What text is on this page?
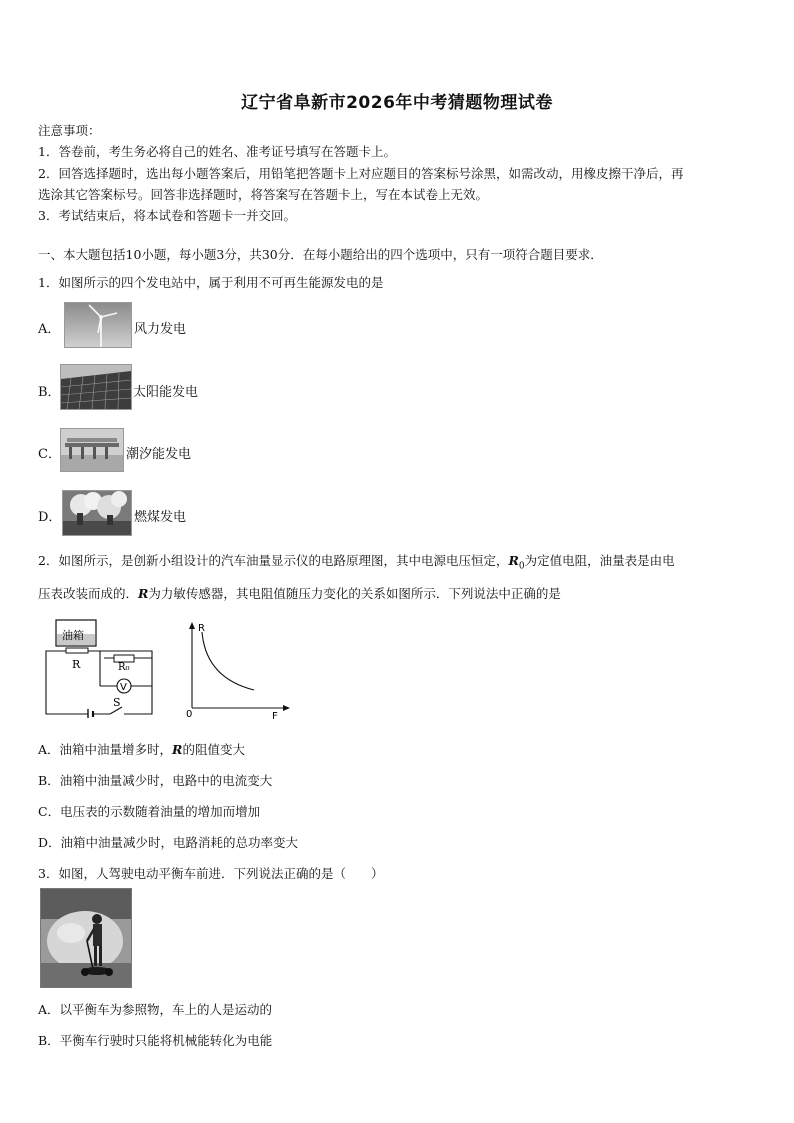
辽宁省阜新市2026年中考猜题物理试卷
注意事项：
1．答卷前，考生务必将自己的姓名、准考证号填写在答题卡上。
2．回答选择题时，选出每小题答案后，用铅笔把答题卡上对应题目的答案标号涂黑，如需改动，用橡皮擦干净后，再
选涂其它答案标号。回答非选择题时，将答案写在答题卡上，写在本试卷上无效。
3．考试结束后，将本试卷和答题卡一并交回。
一、本大题包括10小题，每小题3分，共30分．在每小题给出的四个选项中，只有一项符合题目要求．
1．如图所示的四个发电站中，属于利用不可再生能源发电的是
A．	风力发电
B．	太阳能发电
C．	潮汐能发电
D．	燃煤发电
2．如图所示，是创新小组设计的汽车油量显示仪的电路原理图，其中电源电压恒定，$R_0$为定值电阻，油量表是由电
压表改装而成的．R为力敏传感器，其电阻值随压力变化的关系如图所示．下列说法中正确的是
油箱
R
S
R₀
V
R
F
0
A．油箱中油量增多时，R的阻值变大
B．油箱中油量减少时，电路中的电流变大
C．电压表的示数随着油量的增加而增加
D．油箱中油量减少时，电路消耗的总功率变大
3．如图，人驾驶电动平衡车前进．下列说法正确的是（　　）
A．以平衡车为参照物，车上的人是运动的
B．平衡车行驶时只能将机械能转化为电能
